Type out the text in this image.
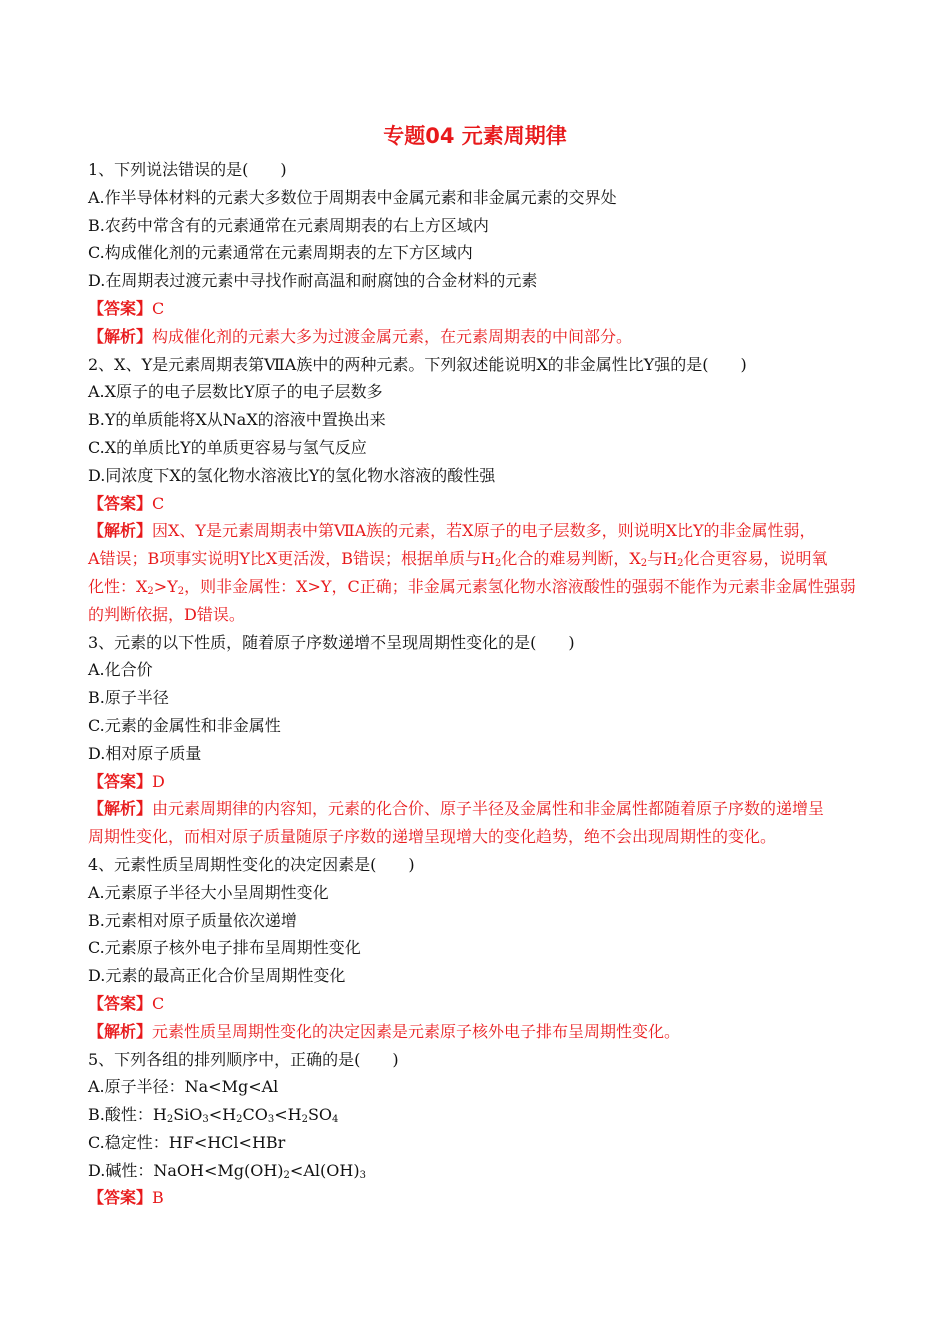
专题04 元素周期律
1、下列说法错误的是(　　)
A.作半导体材料的元素大多数位于周期表中金属元素和非金属元素的交界处
B.农药中常含有的元素通常在元素周期表的右上方区域内
C.构成催化剂的元素通常在元素周期表的左下方区域内
D.在周期表过渡元素中寻找作耐高温和耐腐蚀的合金材料的元素
【答案】C
【解析】构成催化剂的元素大多为过渡金属元素，在元素周期表的中间部分。
2、X、Y是元素周期表第ⅦA族中的两种元素。下列叙述能说明X的非金属性比Y强的是(　　)
A.X原子的电子层数比Y原子的电子层数多
B.Y的单质能将X从NaX的溶液中置换出来
C.X的单质比Y的单质更容易与氢气反应
D.同浓度下X的氢化物水溶液比Y的氢化物水溶液的酸性强
【答案】C
【解析】因X、Y是元素周期表中第ⅦA族的元素，若X原子的电子层数多，则说明X比Y的非金属性弱，
A错误；B项事实说明Y比X更活泼，B错误；根据单质与$H_2$化合的难易判断，$X_2$与$H_2$化合更容易，说明氧
化性：$X_2>Y_2$，则非金属性：X>Y，C正确；非金属元素氢化物水溶液酸性的强弱不能作为元素非金属性强弱
的判断依据，D错误。
3、元素的以下性质，随着原子序数递增不呈现周期性变化的是(　　)
A.化合价
B.原子半径
C.元素的金属性和非金属性
D.相对原子质量
【答案】D
【解析】由元素周期律的内容知，元素的化合价、原子半径及金属性和非金属性都随着原子序数的递增呈
周期性变化，而相对原子质量随原子序数的递增呈现增大的变化趋势，绝不会出现周期性的变化。
4、元素性质呈周期性变化的决定因素是(　　)
A.元素原子半径大小呈周期性变化
B.元素相对原子质量依次递增
C.元素原子核外电子排布呈周期性变化
D.元素的最高正化合价呈周期性变化
【答案】C
【解析】元素性质呈周期性变化的决定因素是元素原子核外电子排布呈周期性变化。
5、下列各组的排列顺序中，正确的是(　　)
A.原子半径：Na<Mg<Al
B.酸性：$H_2SiO_3<H_2CO_3<H_2SO_4$
C.稳定性：HF<HCl<HBr
D.碱性：$NaOH<Mg(OH)_2<Al(OH)_3$
【答案】B
